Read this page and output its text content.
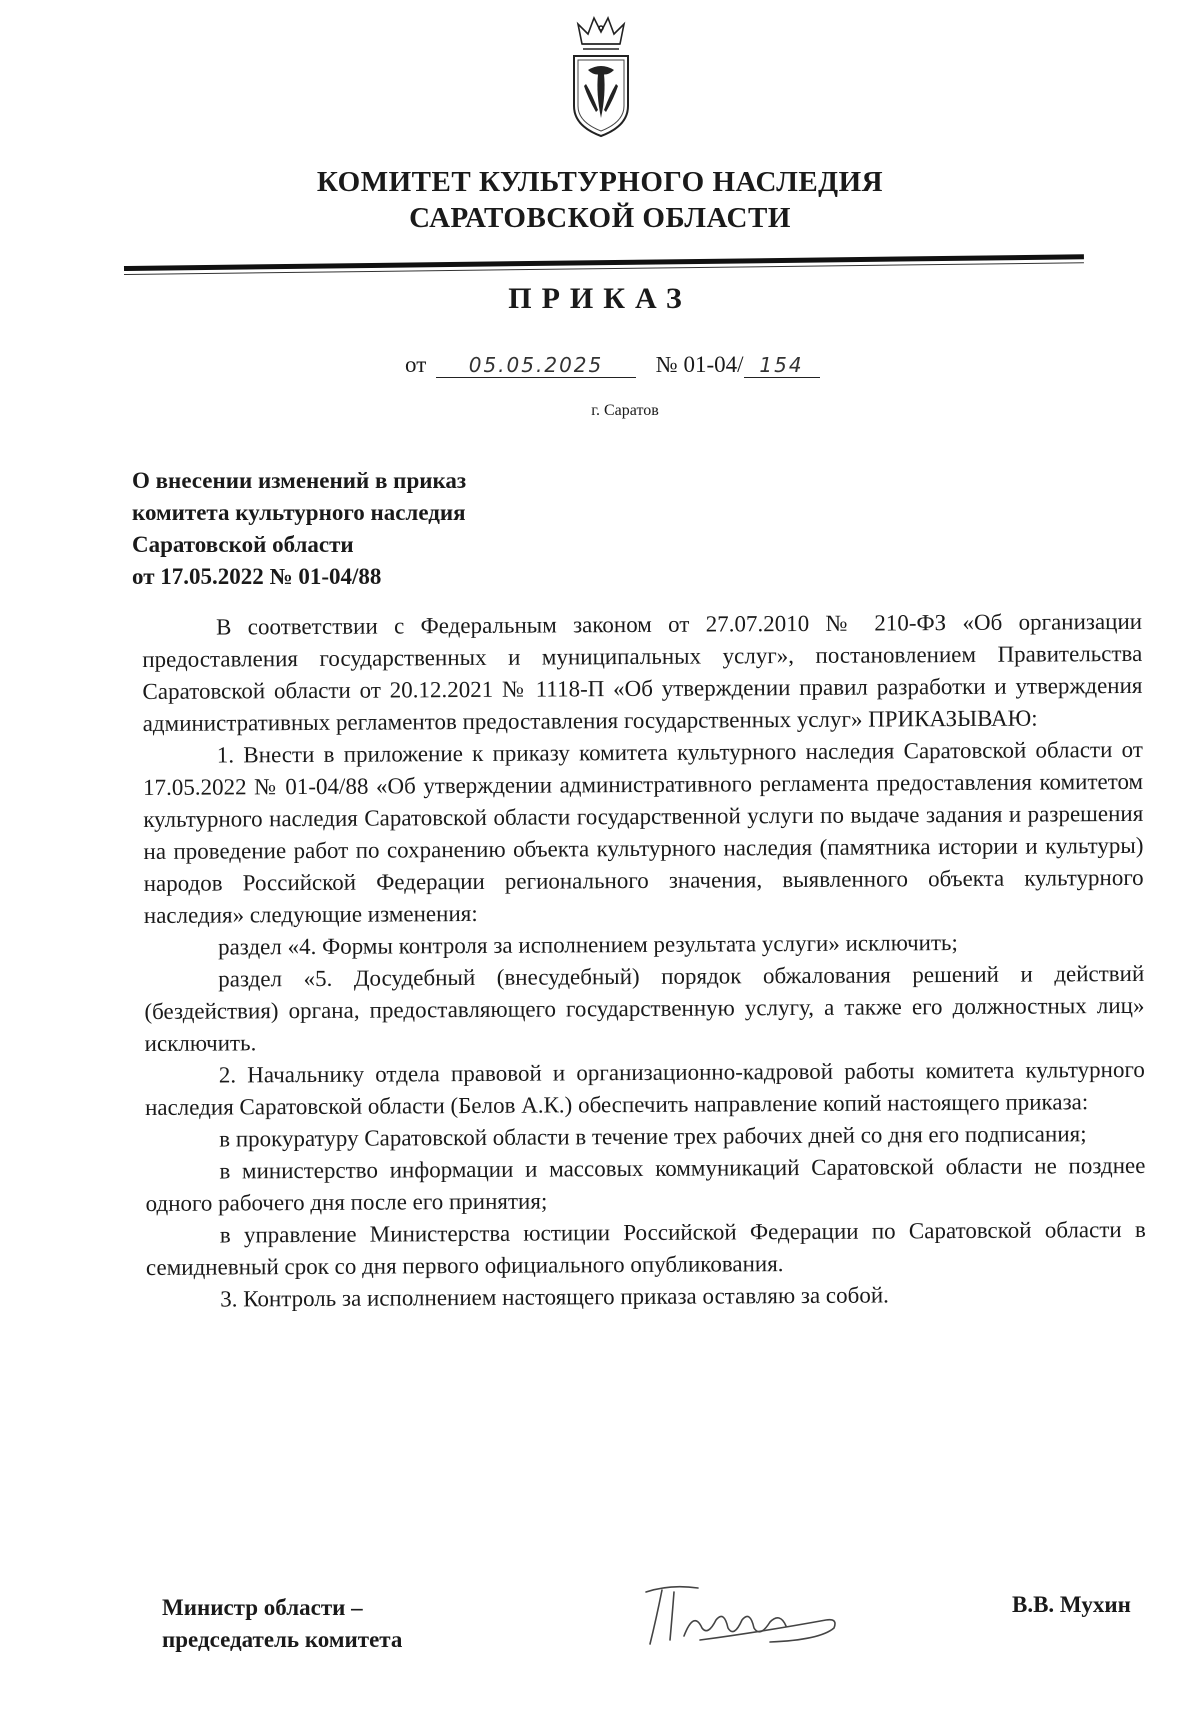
КОМИТЕТ КУЛЬТУРНОГО НАСЛЕДИЯ
САРАТОВСКОЙ ОБЛАСТИ
ПРИКАЗ
от 05.05.2025 № 01-04/ 154
г. Саратов
О внесении изменений в приказ
комитета культурного наследия
Саратовской области
от 17.05.2022 № 01-04/88

В соответствии с Федеральным законом от 27.07.2010 № 210-ФЗ «Об организации предоставления государственных и муниципальных услуг», постановлением Правительства Саратовской области от 20.12.2021 № 1118-П «Об утверждении правил разработки и утверждения административных регламентов предоставления государственных услуг» ПРИКАЗЫВАЮ:

1. Внести в приложение к приказу комитета культурного наследия Саратовской области от 17.05.2022 № 01-04/88 «Об утверждении административного регламента предоставления комитетом культурного наследия Саратовской области государственной услуги по выдаче задания и разрешения на проведение работ по сохранению объекта культурного наследия (памятника истории и культуры) народов Российской Федерации регионального значения, выявленного объекта культурного наследия» следующие изменения:

раздел «4. Формы контроля за исполнением результата услуги» исключить;

раздел «5. Досудебный (внесудебный) порядок обжалования решений и действий (бездействия) органа, предоставляющего государственную услугу, а также его должностных лиц» исключить.

2. Начальнику отдела правовой и организационно-кадровой работы комитета культурного наследия Саратовской области (Белов А.К.) обеспечить направление копий настоящего приказа:

в прокуратуру Саратовской области в течение трех рабочих дней со дня его подписания;

в министерство информации и массовых коммуникаций Саратовской области не позднее одного рабочего дня после его принятия;

в управление Министерства юстиции Российской Федерации по Саратовской области в семидневный срок со дня первого официального опубликования.

3. Контроль за исполнением настоящего приказа оставляю за собой.

Министр области –
председатель комитета
В.В. Мухин
